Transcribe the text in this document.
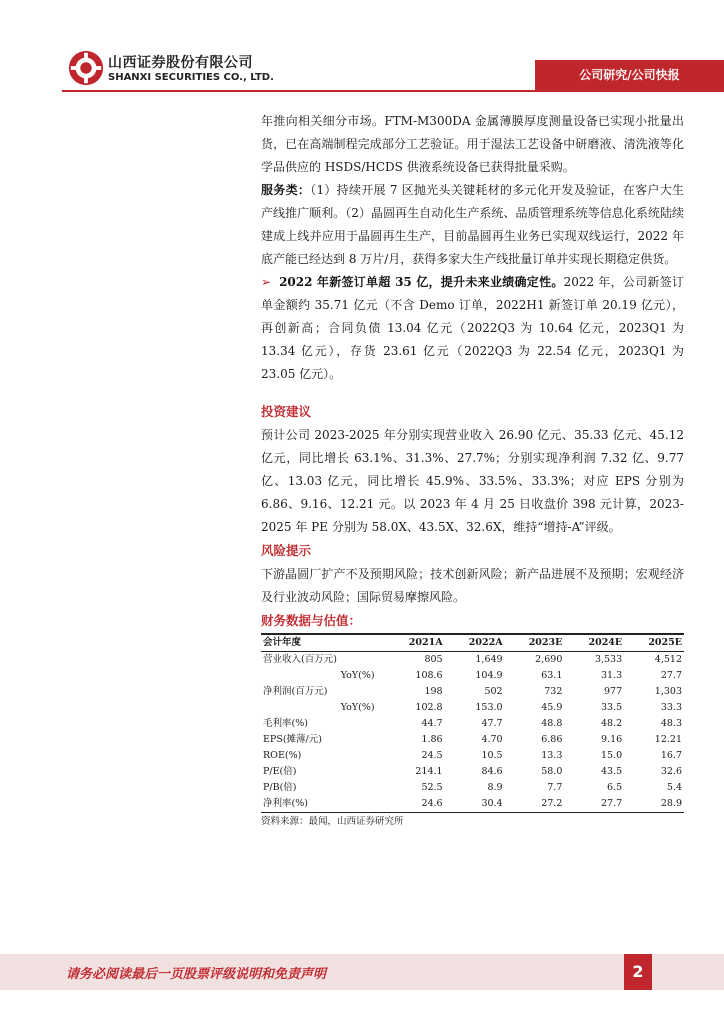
山西证券股份有限公司
SHANXI SECURITIES CO., LTD.	公司研究/公司快报

年推向相关细分市场。FTM-M300DA 金属薄膜厚度测量设备已实现小批量出货，已在高端制程完成部分工艺验证。用于湿法工艺设备中研磨液、清洗液等化学品供应的 HSDS/HCDS 供液系统设备已获得批量采购。

服务类：（1）持续开展 7 区抛光头关键耗材的多元化开发及验证，在客户大生产线推广顺利。（2）晶圆再生自动化生产系统、品质管理系统等信息化系统陆续建成上线并应用于晶圆再生生产，目前晶圆再生业务已实现双线运行，2022 年底产能已经达到 8 万片/月，获得多家大生产线批量订单并实现长期稳定供货。

➢ 2022 年新签订单超 35 亿，提升未来业绩确定性。2022 年，公司新签订单金额约 35.71 亿元（不含 Demo 订单，2022H1 新签订单 20.19 亿元），再创新高；合同负债 13.04 亿元（2022Q3 为 10.64 亿元，2023Q1 为 13.34 亿元），存货 23.61 亿元（2022Q3 为 22.54 亿元，2023Q1 为 23.05 亿元）。

投资建议

预计公司 2023-2025 年分别实现营业收入 26.90 亿元、35.33 亿元、45.12 亿元，同比增长 63.1%、31.3%、27.7%；分别实现净利润 7.32 亿、9.77 亿、13.03 亿元，同比增长 45.9%、33.5%、33.3%；对应 EPS 分别为 6.86、9.16、12.21 元。以 2023 年 4 月 25 日收盘价 398 元计算，2023-2025 年 PE 分别为 58.0X、43.5X、32.6X，维持“增持-A”评级。

风险提示

下游晶圆厂扩产不及预期风险；技术创新风险；新产品进展不及预期；宏观经济及行业波动风险；国际贸易摩擦风险。

财务数据与估值：

会计年度	2021A	2022A	2023E	2024E	2025E
营业收入(百万元)	805	1,649	2,690	3,533	4,512
YoY(%)	108.6	104.9	63.1	31.3	27.7
净利润(百万元)	198	502	732	977	1,303
YoY(%)	102.8	153.0	45.9	33.5	33.3
毛利率(%)	44.7	47.7	48.8	48.2	48.3
EPS(摊薄/元)	1.86	4.70	6.86	9.16	12.21
ROE(%)	24.5	10.5	13.3	15.0	16.7
P/E(倍)	214.1	84.6	58.0	43.5	32.6
P/B(倍)	52.5	8.9	7.7	6.5	5.4
净利率(%)	24.6	30.4	27.2	27.7	28.9
资料来源：最闻，山西证券研究所
请务必阅读最后一页股票评级说明和免责声明	2
